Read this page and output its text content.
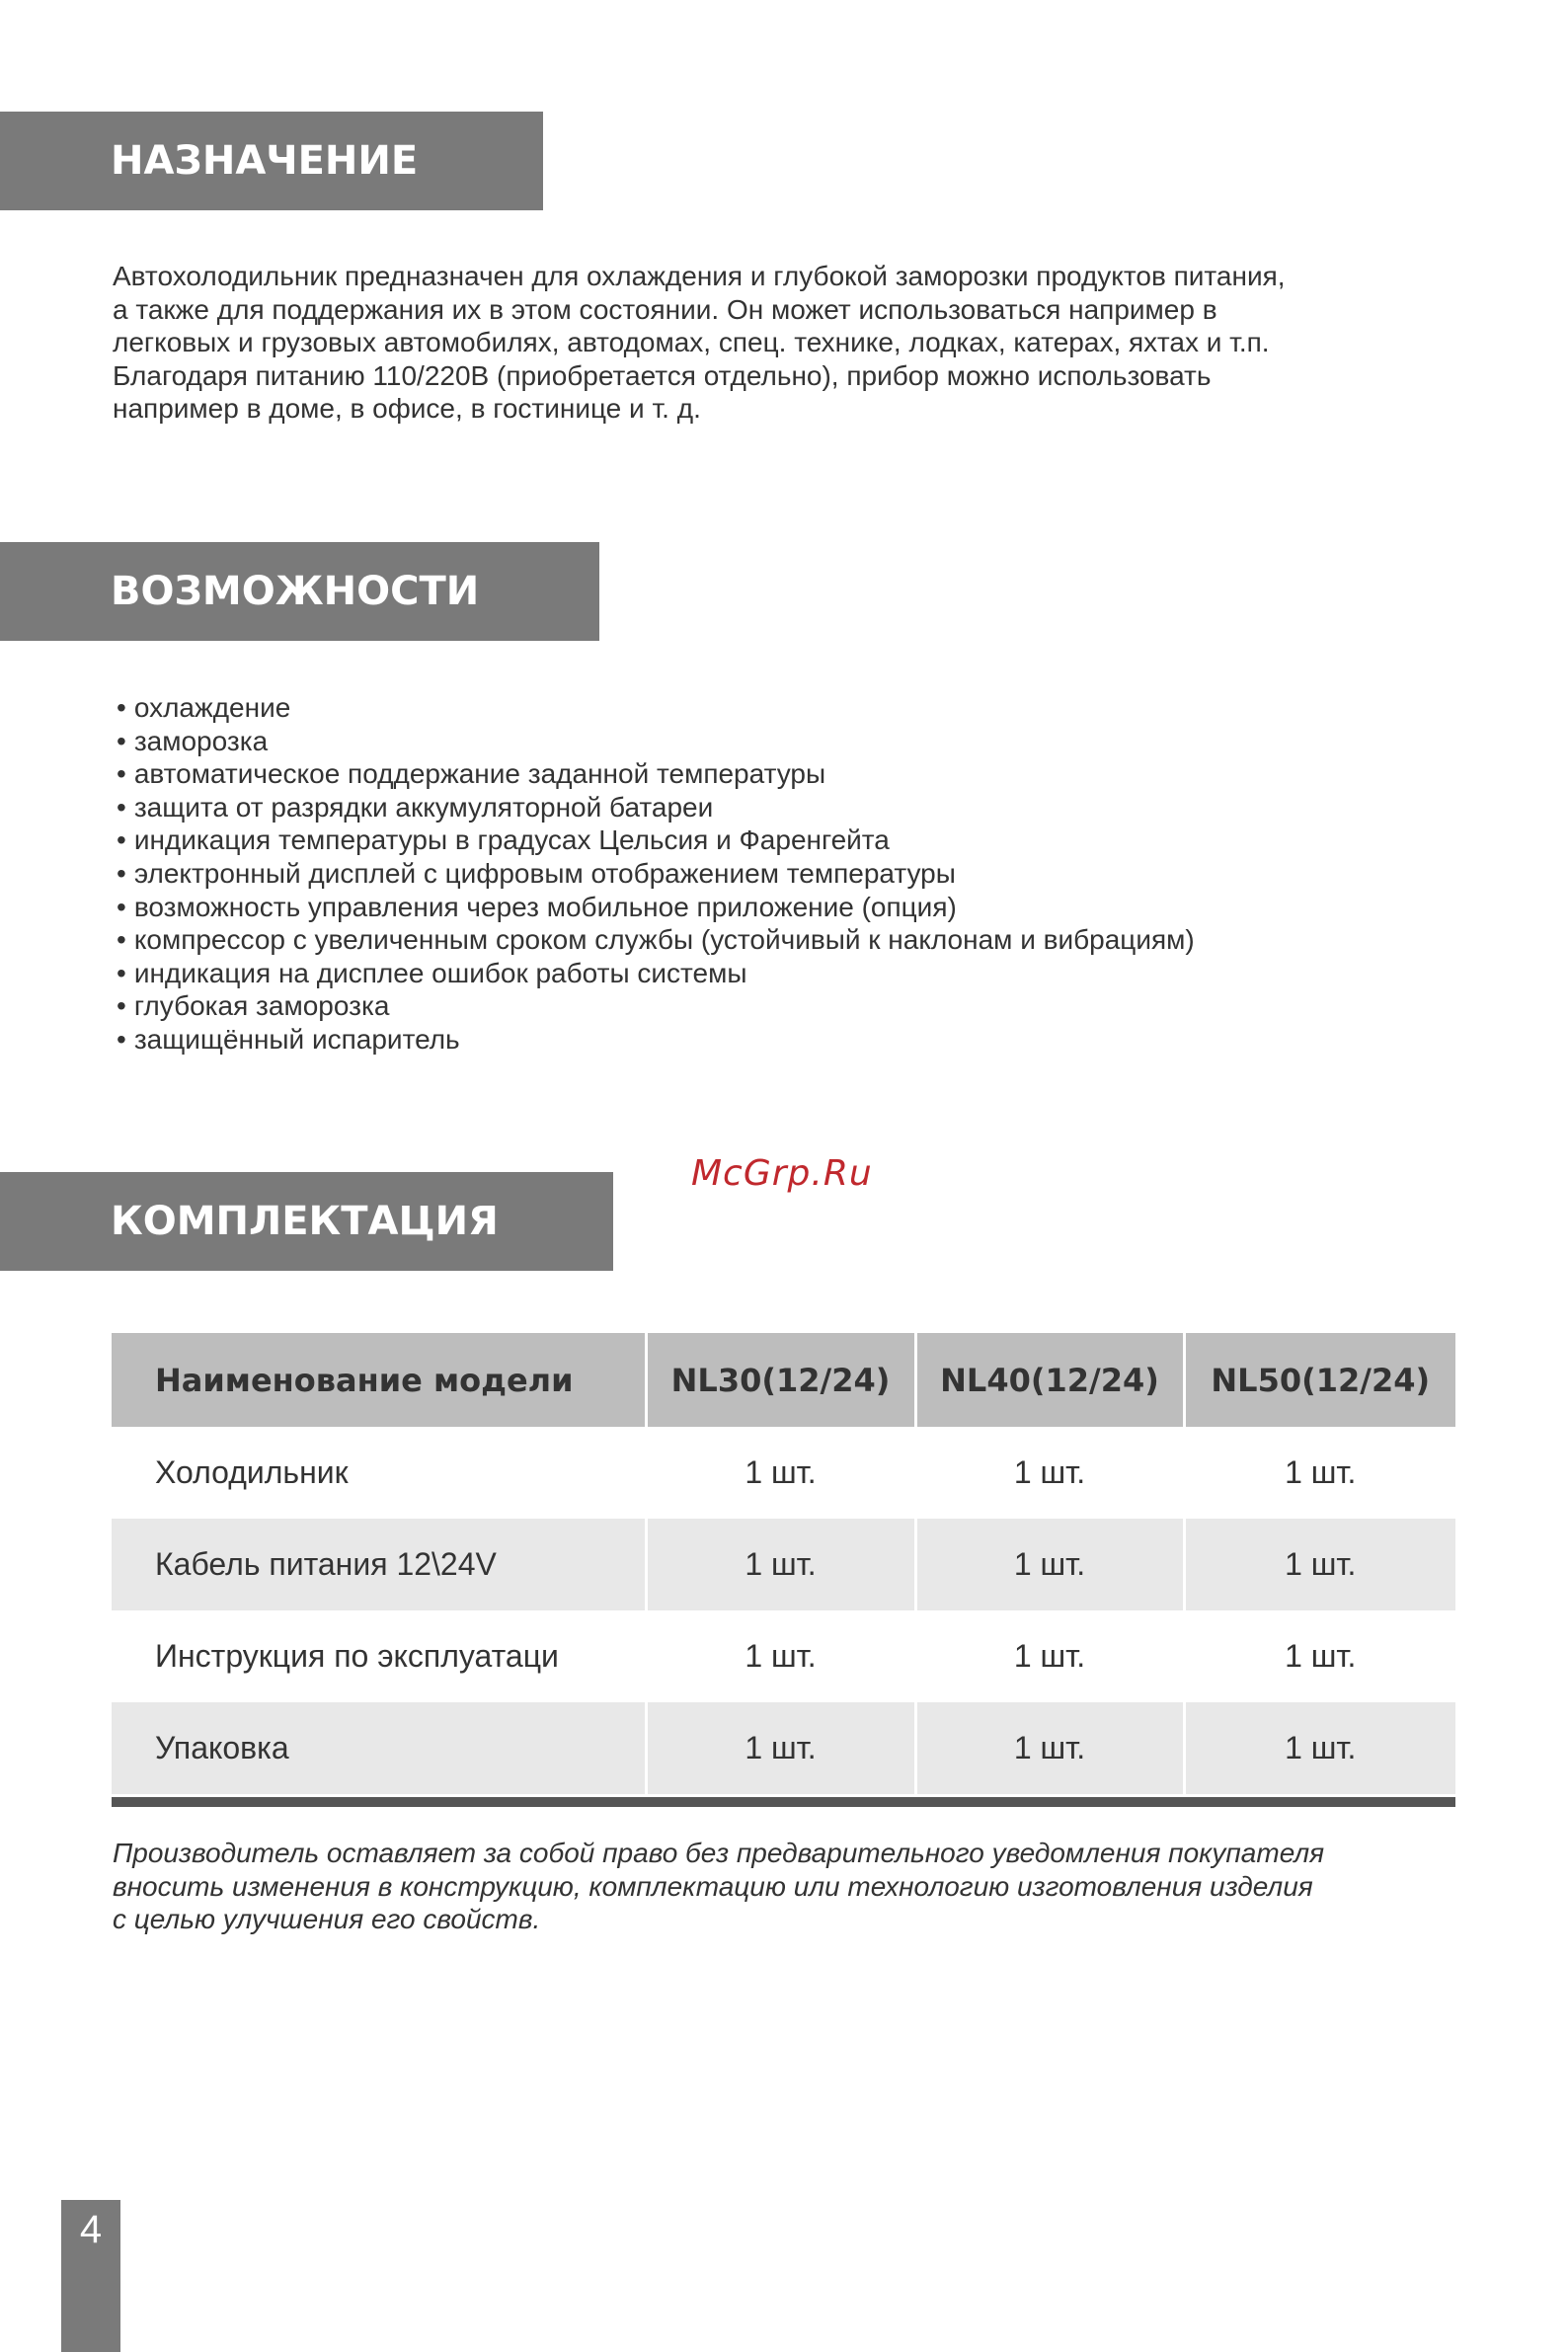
НАЗНАЧЕНИЕ

Автохолодильник предназначен для охлаждения и глубокой заморозки продуктов питания,
а также для поддержания их в этом состоянии. Он может использоваться например в
легковых и грузовых автомобилях, автодомах, спец. технике, лодках, катерах, яхтах и т.п.
Благодаря питанию 110/220В (приобретается отдельно), прибор можно использовать
например в доме, в офисе, в гостинице и т. д.

ВОЗМОЖНОСТИ
• охлаждение
• заморозка
• автоматическое поддержание заданной температуры
• защита от разрядки аккумуляторной батареи
• индикация температуры в градусах Цельсия и Фаренгейта
• электронный дисплей с цифровым отображением температуры
• возможность управления через мобильное приложение (опция)
• компрессор с увеличенным сроком службы (устойчивый к наклонам и вибрациям)
• индикация на дисплее ошибок работы системы
• глубокая заморозка
• защищённый испаритель
КОМПЛЕКТАЦИЯ
McGrp.Ru
Наименование модели	NL30(12/24)	NL40(12/24)	NL50(12/24)
Холодильник	1 шт.	1 шт.	1 шт.
Кабель питания 12\24V	1 шт.	1 шт.	1 шт.
Инструкция по эксплуатаци	1 шт.	1 шт.	1 шт.
Упаковка	1 шт.	1 шт.	1 шт.

Производитель оставляет за собой право без предварительного уведомления покупателя
вносить изменения в конструкцию, комплектацию или технологию изготовления изделия
с целью улучшения его свойств.

4
